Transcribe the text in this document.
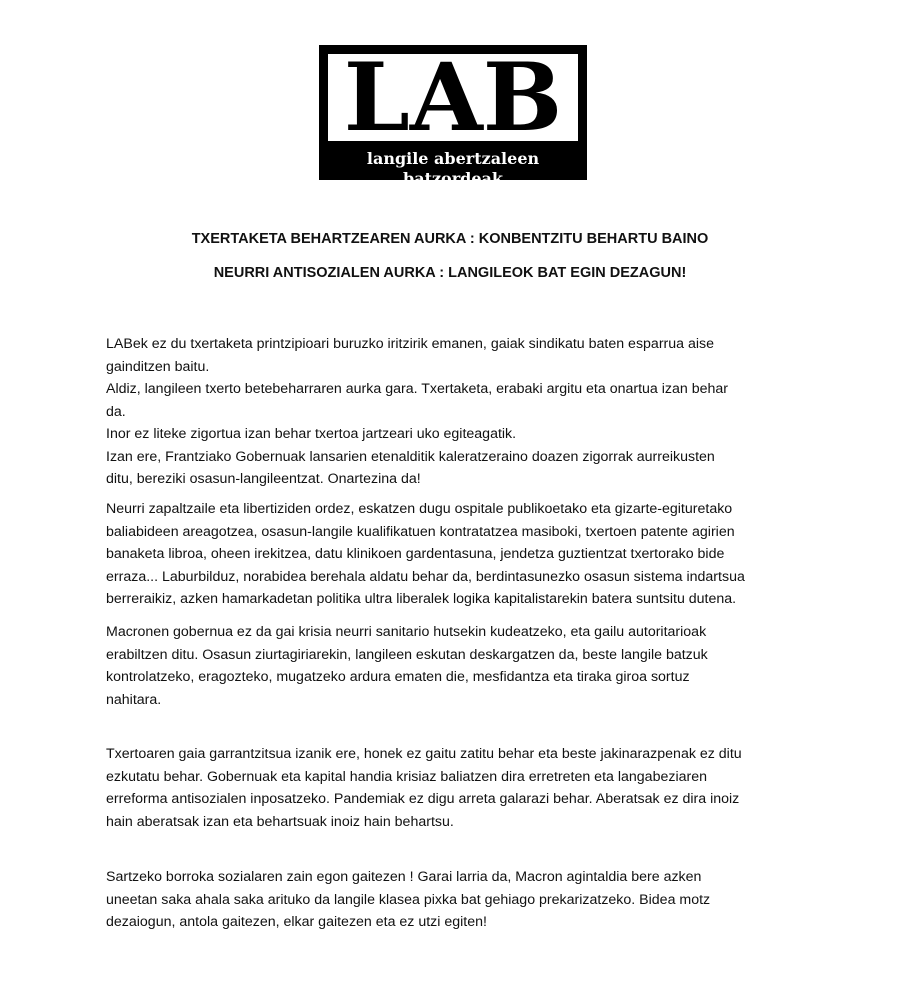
LAB
langile abertzaleen batzordeak
TXERTAKETA BEHARTZEAREN AURKA : KONBENTZITU BEHARTU BAINO
NEURRI ANTISOZIALEN AURKA : LANGILEOK BAT EGIN DEZAGUN!
LABek ez du txertaketa printzipioari buruzko iritzirik emanen, gaiak sindikatu baten esparrua aise
gainditzen baitu.
Aldiz, langileen txerto betebeharraren aurka gara. Txertaketa, erabaki argitu eta onartua izan behar
da.
Inor ez liteke zigortua izan behar txertoa jartzeari uko egiteagatik.
Izan ere, Frantziako Gobernuak lansarien etenalditik kaleratzeraino doazen zigorrak aurreikusten
ditu, bereziki osasun-langileentzat. Onartezina da!
Neurri zapaltzaile eta libertiziden ordez, eskatzen dugu ospitale publikoetako eta gizarte-egituretako
baliabideen areagotzea, osasun-langile kualifikatuen kontratatzea masiboki, txertoen patente agirien
banaketa libroa, oheen irekitzea, datu klinikoen gardentasuna, jendetza guztientzat txertorako bide
erraza... Laburbilduz, norabidea berehala aldatu behar da, berdintasunezko osasun sistema indartsua
berreraikiz, azken hamarkadetan politika ultra liberalek logika kapitalistarekin batera suntsitu dutena.
Macronen gobernua ez da gai krisia neurri sanitario hutsekin kudeatzeko, eta gailu autoritarioak
erabiltzen ditu. Osasun ziurtagiriarekin, langileen eskutan deskargatzen da, beste langile batzuk
kontrolatzeko, eragozteko, mugatzeko ardura ematen die, mesfidantza eta tiraka giroa sortuz
nahitara.
Txertoaren gaia garrantzitsua izanik ere, honek ez gaitu zatitu behar eta beste jakinarazpenak ez ditu
ezkutatu behar. Gobernuak eta kapital handia krisiaz baliatzen dira erretreten eta langabeziaren
erreforma antisozialen inposatzeko. Pandemiak ez digu arreta galarazi behar. Aberatsak ez dira inoiz
hain aberatsak izan eta behartsuak inoiz hain behartsu.
Sartzeko borroka sozialaren zain egon gaitezen ! Garai larria da, Macron agintaldia bere azken
uneetan saka ahala saka arituko da langile klasea pixka bat gehiago prekarizatzeko. Bidea motz
dezaiogun, antola gaitezen, elkar gaitezen eta ez utzi egiten!
